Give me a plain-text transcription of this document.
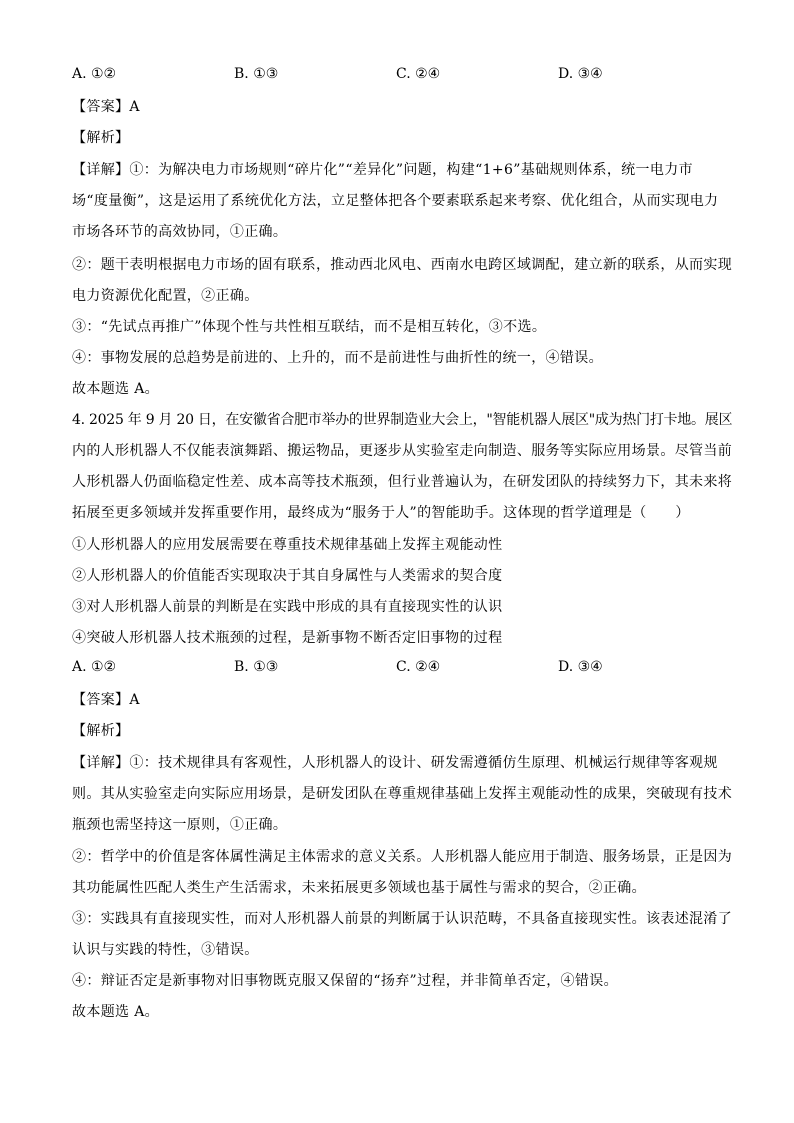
A. ①②	B. ①③	C. ②④	D. ③④
【答案】A
【解析】
【详解】①：为解决电力市场规则“碎片化”“差异化”问题，构建“1+6”基础规则体系，统一电力市
场“度量衡”，这是运用了系统优化方法，立足整体把各个要素联系起来考察、优化组合，从而实现电力
市场各环节的高效协同，①正确。
②：题干表明根据电力市场的固有联系，推动西北风电、西南水电跨区域调配，建立新的联系，从而实现
电力资源优化配置，②正确。
③：“先试点再推广”体现个性与共性相互联结，而不是相互转化，③不选。
④：事物发展的总趋势是前进的、上升的，而不是前进性与曲折性的统一，④错误。
故本题选 A。
4. 2025 年 9 月 20 日，在安徽省合肥市举办的世界制造业大会上，"智能机器人展区"成为热门打卡地。展区
内的人形机器人不仅能表演舞蹈、搬运物品，更逐步从实验室走向制造、服务等实际应用场景。尽管当前
人形机器人仍面临稳定性差、成本高等技术瓶颈，但行业普遍认为，在研发团队的持续努力下，其未来将
拓展至更多领域并发挥重要作用，最终成为“服务于人”的智能助手。这体现的哲学道理是（　　）
①人形机器人的应用发展需要在尊重技术规律基础上发挥主观能动性
②人形机器人的价值能否实现取决于其自身属性与人类需求的契合度
③对人形机器人前景的判断是在实践中形成的具有直接现实性的认识
④突破人形机器人技术瓶颈的过程，是新事物不断否定旧事物的过程
A. ①②	B. ①③	C. ②④	D. ③④
【答案】A
【解析】
【详解】①：技术规律具有客观性，人形机器人的设计、研发需遵循仿生原理、机械运行规律等客观规
则。其从实验室走向实际应用场景，是研发团队在尊重规律基础上发挥主观能动性的成果，突破现有技术
瓶颈也需坚持这一原则，①正确。
②：哲学中的价值是客体属性满足主体需求的意义关系。人形机器人能应用于制造、服务场景，正是因为
其功能属性匹配人类生产生活需求，未来拓展更多领域也基于属性与需求的契合，②正确。
③：实践具有直接现实性，而对人形机器人前景的判断属于认识范畴，不具备直接现实性。该表述混淆了
认识与实践的特性，③错误。
④：辩证否定是新事物对旧事物既克服又保留的“扬弃”过程，并非简单否定，④错误。
故本题选 A。
